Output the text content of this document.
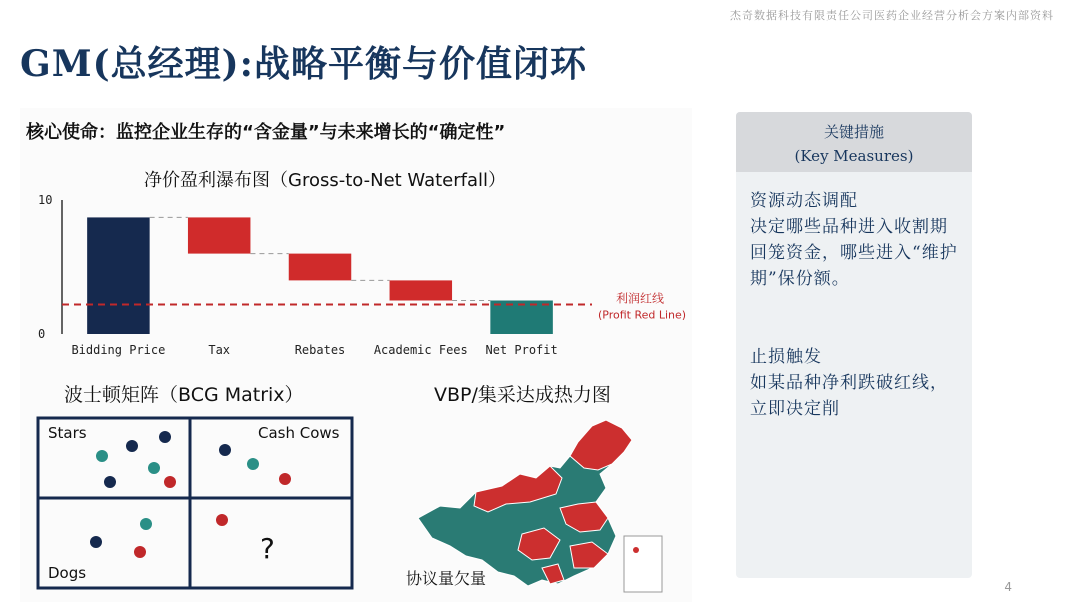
杰奇数据科技有限责任公司医药企业经营分析会方案内部资料
GM(总经理):战略平衡与价值闭环
核心使命：监控企业生存的“含金量”与未来增长的“确定性”
净价盈利瀑布图（Gross-to-Net Waterfall）
0
10
利润红线
(Profit Red Line)
Bidding Price	Tax	Rebates Academic Fees Net Profit
波士顿矩阵（BCG Matrix）
Stars	Cash Cows
Dogs
?
VBP/集采达成热力图
协议量欠量
关键措施
(Key Measures)

资源动态调配

决定哪些品种进入收割期回笼资金，哪些进入“维护期”保份额。

止损触发

如某品种净利跌破红线，立即决定削

4
